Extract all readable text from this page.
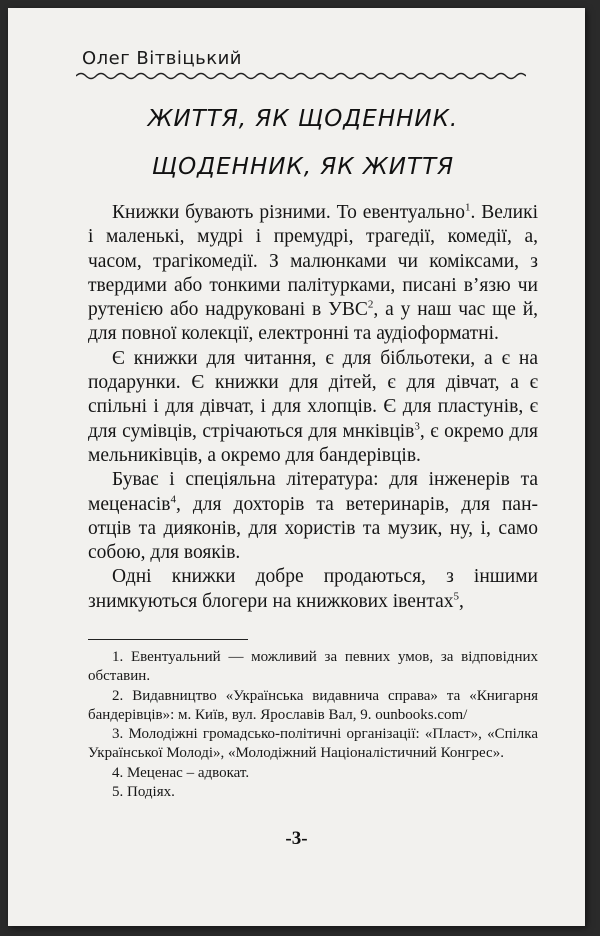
Олег Вітвіцький
ЖИТТЯ, ЯК ЩОДЕННИК.
ЩОДЕННИК, ЯК ЖИТТЯ

Книжки бувають різними. То евентуально$^1$. Великі і маленькі, мудрі і премудрі, трагедії, комедії, а, часом, трагікомедії. З малюнками чи коміксами, з твердими або тонкими палітурками, писані в’язю чи рутенією або надруковані в УВС$^2$, а у наш час ще й, для повної колекції, електронні та аудіоформатні.

Є книжки для читання, є для бібльотеки, а є на подарунки. Є книжки для дітей, є для дівчат, а є спільні і для дівчат, і для хлопців. Є для пластунів, є для сумівців, стрічаються для мнківців$^3$, є окремо для мельниківців, а окремо для бандерівців.

Буває і спеціяльна література: для інженерів та меценасів$^4$, для дохторів та ветеринарів, для пан-отців та дияконів, для хористів та музик, ну, і, само собою, для вояків.

Одні книжки добре продаються, з іншими знимкуються блогери на книжкових івентах$^5$,

1. Евентуальний — можливий за певних умов, за відповідних обставин.

2. Видавництво «Українська видавнича справа» та «Книгарня бандерівців»: м. Київ, вул. Ярославів Вал, 9. ounbooks.com/

3. Молодіжні громадсько-політичні організації: «Пласт», «Спілка Української Молоді», «Молодіжний Націоналістичний Конгрес».

4. Меценас – адвокат.

5. Подіях.

-3-
